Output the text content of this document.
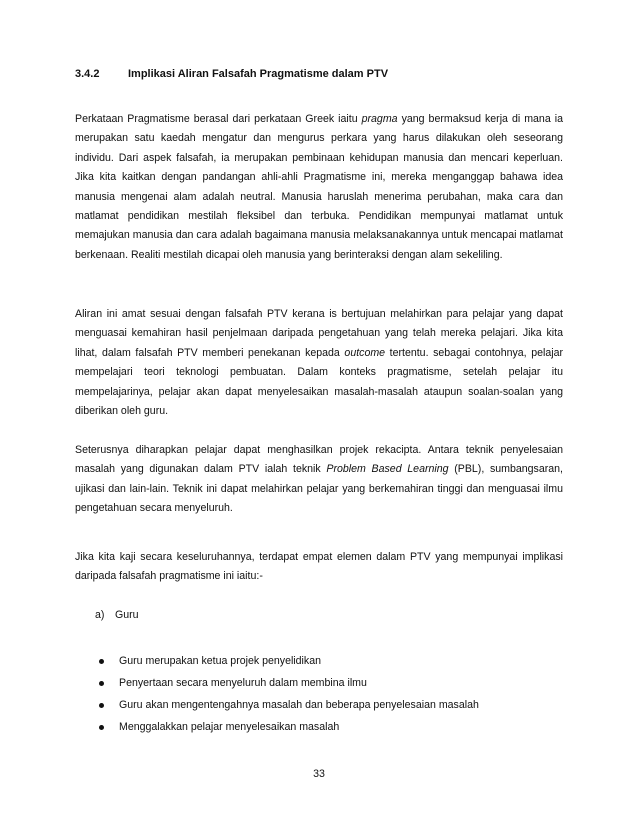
3.4.2	Implikasi Aliran Falsafah Pragmatisme dalam PTV

Perkataan Pragmatisme berasal dari perkataan Greek iaitu pragma yang bermaksud kerja di mana ia merupakan satu kaedah mengatur dan mengurus perkara yang harus dilakukan oleh seseorang individu. Dari aspek falsafah, ia merupakan pembinaan kehidupan manusia dan mencari keperluan. Jika kita kaitkan dengan pandangan ahli-ahli Pragmatisme ini, mereka menganggap bahawa idea manusia mengenai alam adalah neutral. Manusia haruslah menerima perubahan, maka cara dan matlamat pendidikan mestilah fleksibel dan terbuka. Pendidikan mempunyai matlamat untuk memajukan manusia dan cara adalah bagaimana manusia melaksanakannya untuk mencapai matlamat berkenaan. Realiti mestilah dicapai oleh manusia yang berinteraksi dengan alam sekeliling.

Aliran ini amat sesuai dengan falsafah PTV kerana is bertujuan melahirkan para pelajar yang dapat menguasai kemahiran hasil penjelmaan daripada pengetahuan yang telah mereka pelajari. Jika kita lihat, dalam falsafah PTV memberi penekanan kepada outcome tertentu. sebagai contohnya, pelajar mempelajari teori teknologi pembuatan. Dalam konteks pragmatisme, setelah pelajar itu mempelajarinya, pelajar akan dapat menyelesaikan masalah-masalah ataupun soalan-soalan yang diberikan oleh guru.

Seterusnya diharapkan pelajar dapat menghasilkan projek rekacipta. Antara teknik penyelesaian masalah yang digunakan dalam PTV ialah teknik Problem Based Learning (PBL), sumbangsaran, ujikasi dan lain-lain. Teknik ini dapat melahirkan pelajar yang berkemahiran tinggi dan menguasai ilmu pengetahuan secara menyeluruh.

Jika kita kaji secara keseluruhannya, terdapat empat elemen dalam PTV yang mempunyai implikasi daripada falsafah pragmatisme ini iaitu:-

a) Guru
Guru merupakan ketua projek penyelidikan
Penyertaan secara menyeluruh dalam membina ilmu
Guru akan mengentengahnya masalah dan beberapa penyelesaian masalah
Menggalakkan pelajar menyelesaikan masalah
33
